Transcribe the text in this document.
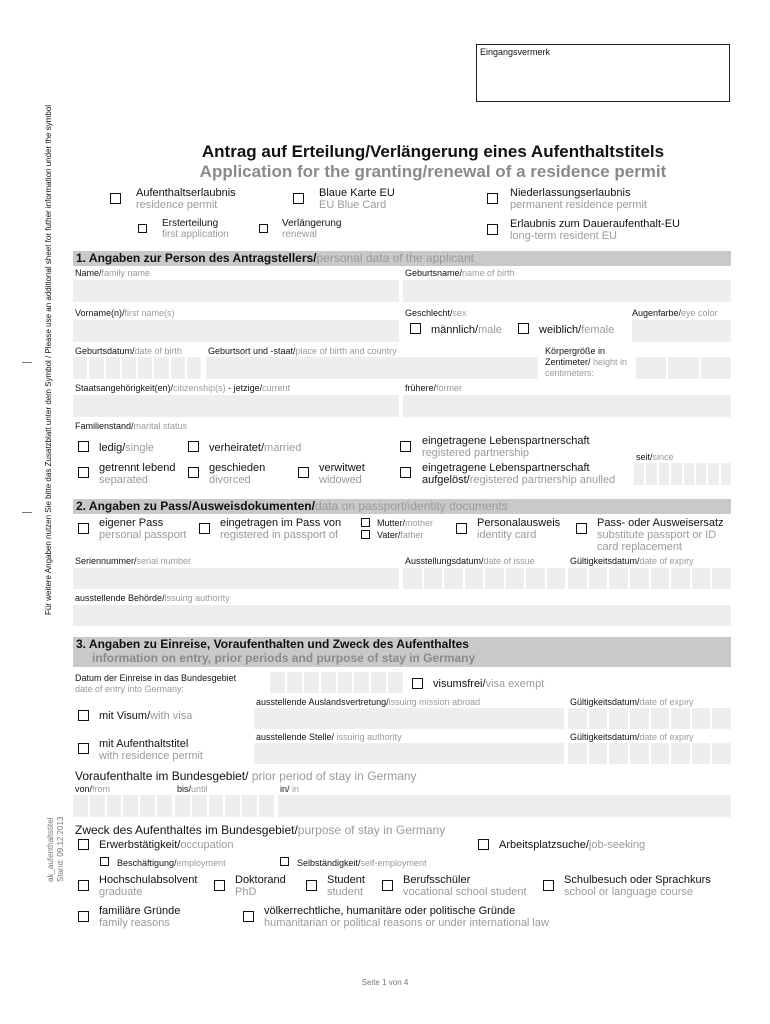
Für weitere Angaben nutzen Sie bitte das Zusatzblatt unter dem Symbol / Please use an additional sheet for futher information under the symbol
ak_aufenthaltstitel Stand: 09.12.2013
Eingangsvermerk
Antrag auf Erteilung/Verlängerung eines Aufenthaltstitels
Application for the granting/renewal of a residence permit
Aufenthaltserlaubnis
residence permit
Blaue Karte EU
EU Blue Card
Niederlassungserlaubnis
permanent residence permit
Ersterteilung
first application
Verlängerung
renewal
Erlaubnis zum Daueraufenthalt-EU
long-term resident EU
1. Angaben zur Person des Antragstellers/personal data of the applicant
Name/family name	Geburtsname/name of birth
Vorname(n)/first name(s)	Geschlecht/sex	Augenfarbe/eye color
männlich/male	weiblich/female
Geburtsdatum/date of birth	Geburtsort und -staat/place of birth and country	Körpergröße in Zentimeter/ height in centimeters:
Staatsangehörigkeit(en)/citizenship(s) - jetzige/current	frühere/former
Familienstand/marital status
ledig/single	verheiratet/married
eingetragene Lebenspartnerschaft
registered partnership	seit/since
getrennt lebend
separated
geschieden
divorced
verwitwet
widowed
eingetragene Lebenspartnerschaft
aufgelöst/registered partnership anulled
2. Angaben zu Pass/Ausweisdokumenten/data on passport/identity documents
eigener Pass
personal passport
eingetragen im Pass von
registered in passport of
Mutter/mother
Vater/father
Personalausweis
identity card
Pass- oder Ausweisersatz
substitute passport or ID
card replacement
Seriennummer/serial number	Ausstellungsdatum/date of issue	Gültigkeitsdatum/date of expiry
ausstellende Behörde/issuing authority
3. Angaben zu Einreise, Voraufenthalten und Zweck des Aufenthaltes
information on entry, prior periods and purpose of stay in Germany
Datum der Einreise in das Bundesgebiet
date of entry into Germany:	visumsfrei/visa exempt
ausstellende Auslandsvertretung/issuing mission abroad	Gültigkeitsdatum/date of expiry
mit Visum/with visa
ausstellende Stelle/ issuing authority	Gültigkeitsdatum/date of expiry
mit Aufenthaltstitel
with residence permit
Voraufenthalte im Bundesgebiet/ prior period of stay in Germany
von/from	bis/until	in/ in
Zweck des Aufenthaltes im Bundesgebiet/purpose of stay in Germany
Erwerbstätigkeit/occupation	Arbeitsplatzsuche/job-seeking
Beschäftigung/employment	Selbständigkeit/self-employment
Hochschulabsolvent
graduate
Doktorand
PhD
Student
student
Berufsschüler
vocational school student
Schulbesuch oder Sprachkurs
school or language course
familiäre Gründe
family reasons
völkerrechtliche, humanitäre oder politische Gründe
humanitarian or political reasons or under international law
Seite 1 von 4
